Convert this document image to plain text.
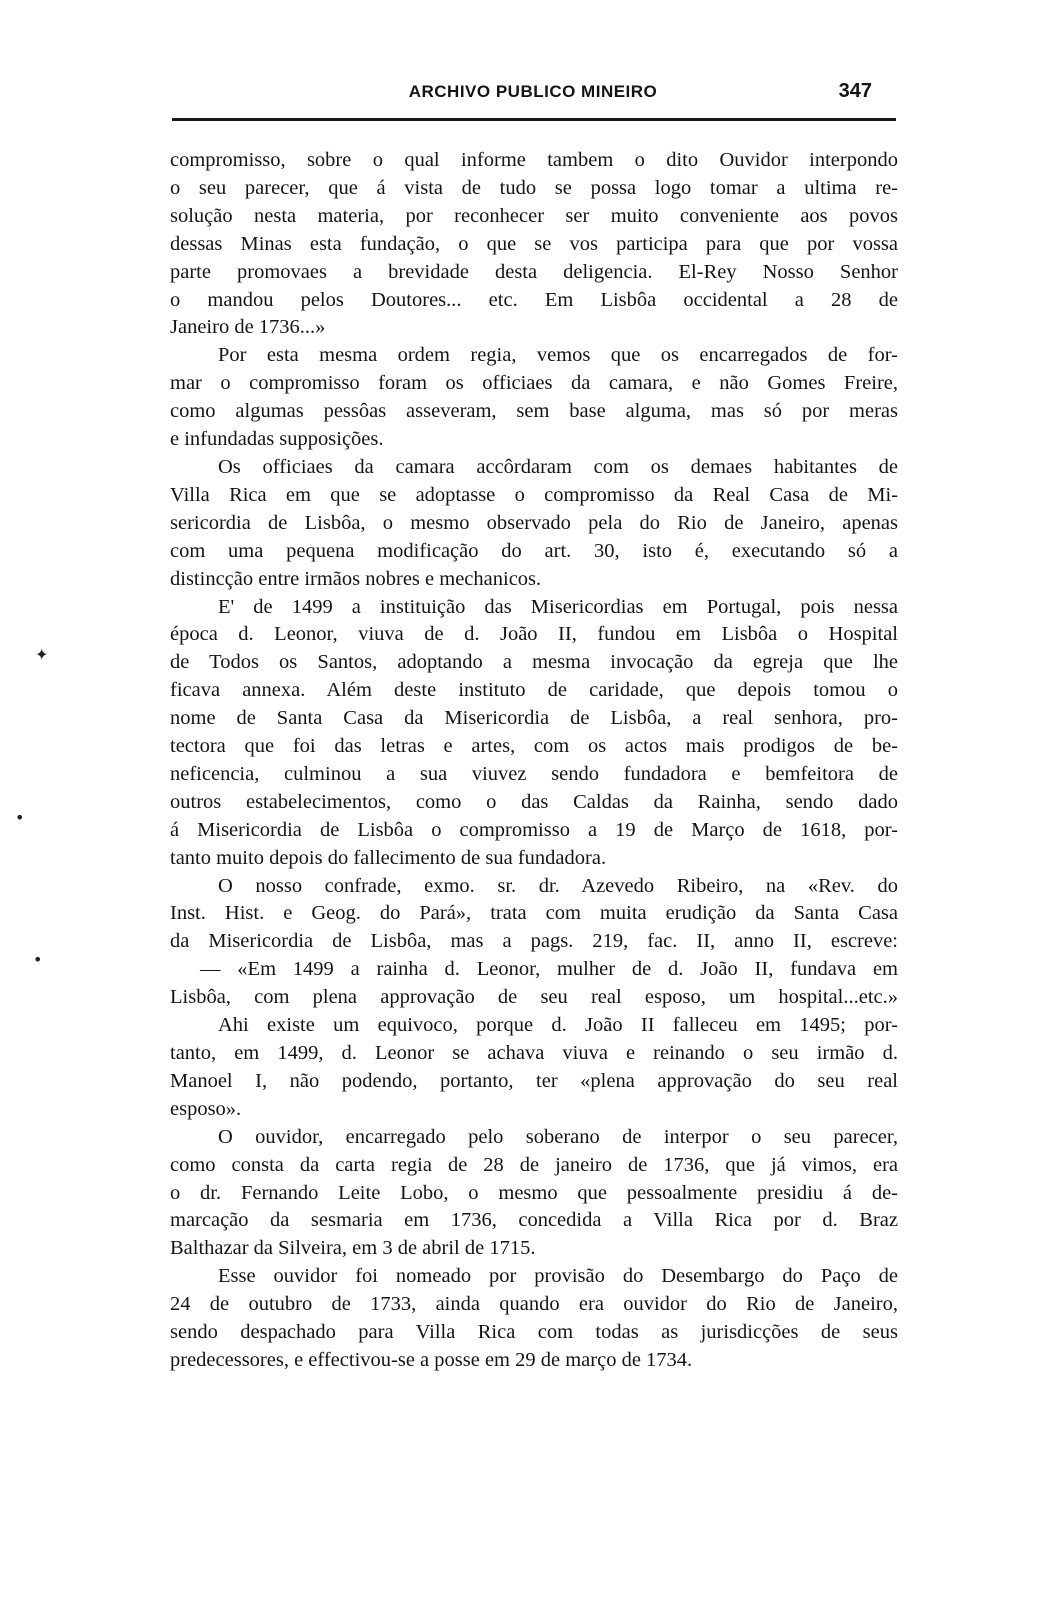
ARCHIVO PUBLICO MINEIRO	347
compromisso, sobre o qual informe tambem o dito Ouvidor interpondo
o seu parecer, que á vista de tudo se possa logo tomar a ultima re-
solução nesta materia, por reconhecer ser muito conveniente aos povos
dessas Minas esta fundação, o que se vos participa para que por vossa
parte promovaes a brevidade desta deligencia. El-Rey Nosso Senhor
o mandou pelos Doutores... etc. Em Lisbôa occidental a 28 de
Janeiro de 1736...»
Por esta mesma ordem regia, vemos que os encarregados de for-
mar o compromisso foram os officiaes da camara, e não Gomes Freire,
como algumas pessôas asseveram, sem base alguma, mas só por meras
e infundadas supposições.
Os officiaes da camara accôrdaram com os demaes habitantes de
Villa Rica em que se adoptasse o compromisso da Real Casa de Mi-
sericordia de Lisbôa, o mesmo observado pela do Rio de Janeiro, apenas
com uma pequena modificação do art. 30, isto é, executando só a
distincção entre irmãos nobres e mechanicos.
E' de 1499 a instituição das Misericordias em Portugal, pois nessa
época d. Leonor, viuva de d. João II, fundou em Lisbôa o Hospital
de Todos os Santos, adoptando a mesma invocação da egreja que lhe
ficava annexa. Além deste instituto de caridade, que depois tomou o
nome de Santa Casa da Misericordia de Lisbôa, a real senhora, pro-
tectora que foi das letras e artes, com os actos mais prodigos de be-
neficencia, culminou a sua viuvez sendo fundadora e bemfeitora de
outros estabelecimentos, como o das Caldas da Rainha, sendo dado
á Misericordia de Lisbôa o compromisso a 19 de Março de 1618, por-
tanto muito depois do fallecimento de sua fundadora.
O nosso confrade, exmo. sr. dr. Azevedo Ribeiro, na «Rev. do
Inst. Hist. e Geog. do Pará», trata com muita erudição da Santa Casa
da Misericordia de Lisbôa, mas a pags. 219, fac. II, anno II, escreve:
— «Em 1499 a rainha d. Leonor, mulher de d. João II, fundava em
Lisbôa, com plena approvação de seu real esposo, um hospital...etc.»
Ahi existe um equivoco, porque d. João II falleceu em 1495; por-
tanto, em 1499, d. Leonor se achava viuva e reinando o seu irmão d.
Manoel I, não podendo, portanto, ter «plena approvação do seu real
esposo».
O ouvidor, encarregado pelo soberano de interpor o seu parecer,
como consta da carta regia de 28 de janeiro de 1736, que já vimos, era
o dr. Fernando Leite Lobo, o mesmo que pessoalmente presidiu á de-
marcação da sesmaria em 1736, concedida a Villa Rica por d. Braz
Balthazar da Silveira, em 3 de abril de 1715.
Esse ouvidor foi nomeado por provisão do Desembargo do Paço de
24 de outubro de 1733, ainda quando era ouvidor do Rio de Janeiro,
sendo despachado para Villa Rica com todas as jurisdicções de seus
predecessores, e effectivou-se a posse em 29 de março de 1734.
✦
•
•
